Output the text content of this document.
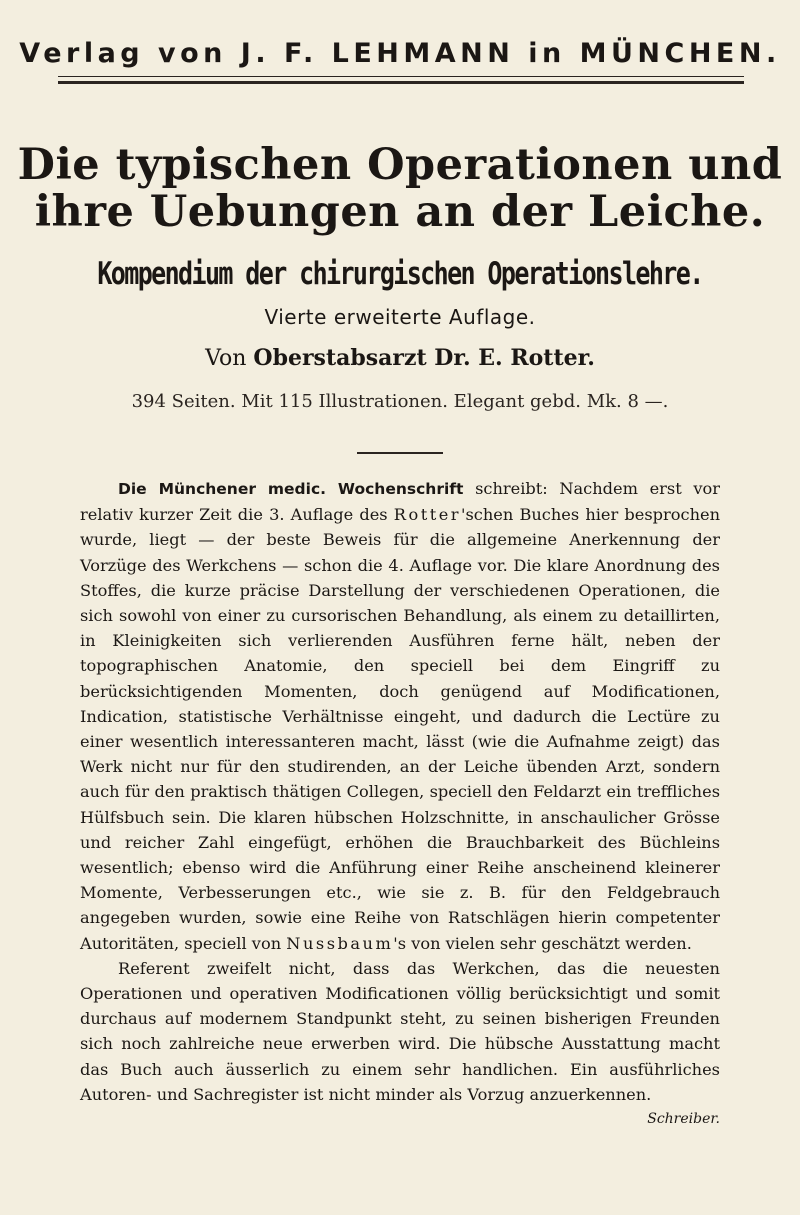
Verlag von J. F. LEHMANN in MÜNCHEN.
Die typischen Operationen und
ihre Uebungen an der Leiche.
Kompendium der chirurgischen Operationslehre.
Vierte erweiterte Auflage.
Von Oberstabsarzt Dr. E. Rotter.
394 Seiten. Mit 115 Illustrationen. Elegant gebd. Mk. 8 —.

Die Münchener medic. Wochenschrift schreibt: Nachdem erst vor relativ kurzer Zeit die 3. Auflage des Rotter'schen Buches hier besprochen wurde, liegt — der beste Beweis für die allgemeine Anerkennung der Vorzüge des Werkchens — schon die 4. Auflage vor. Die klare Anordnung des Stoffes, die kurze präcise Darstellung der verschiedenen Operationen, die sich sowohl von einer zu cursorischen Behandlung, als einem zu detaillirten, in Kleinigkeiten sich verlierenden Ausführen ferne hält, neben der topographischen Anatomie, den speciell bei dem Eingriff zu berücksichtigenden Momenten, doch genügend auf Modificationen, Indication, statistische Verhältnisse eingeht, und dadurch die Lectüre zu einer wesentlich interessanteren macht, lässt (wie die Aufnahme zeigt) das Werk nicht nur für den studirenden, an der Leiche übenden Arzt, sondern auch für den praktisch thätigen Collegen, speciell den Feldarzt ein treffliches Hülfsbuch sein. Die klaren hübschen Holzschnitte, in anschaulicher Grösse und reicher Zahl eingefügt, erhöhen die Brauchbarkeit des Büchleins wesentlich; ebenso wird die Anführung einer Reihe anscheinend kleinerer Momente, Verbesserungen etc., wie sie z. B. für den Feldgebrauch angegeben wurden, sowie eine Reihe von Ratschlägen hierin competenter Autoritäten, speciell von Nussbaum's von vielen sehr geschätzt werden.

Referent zweifelt nicht, dass das Werkchen, das die neuesten Operationen und operativen Modificationen völlig berücksichtigt und somit durchaus auf modernem Standpunkt steht, zu seinen bisherigen Freunden sich noch zahlreiche neue erwerben wird. Die hübsche Ausstattung macht das Buch auch äusserlich zu einem sehr handlichen. Ein ausführliches Autoren- und Sachregister ist nicht minder als Vorzug anzuerkennen.
Schreiber.
